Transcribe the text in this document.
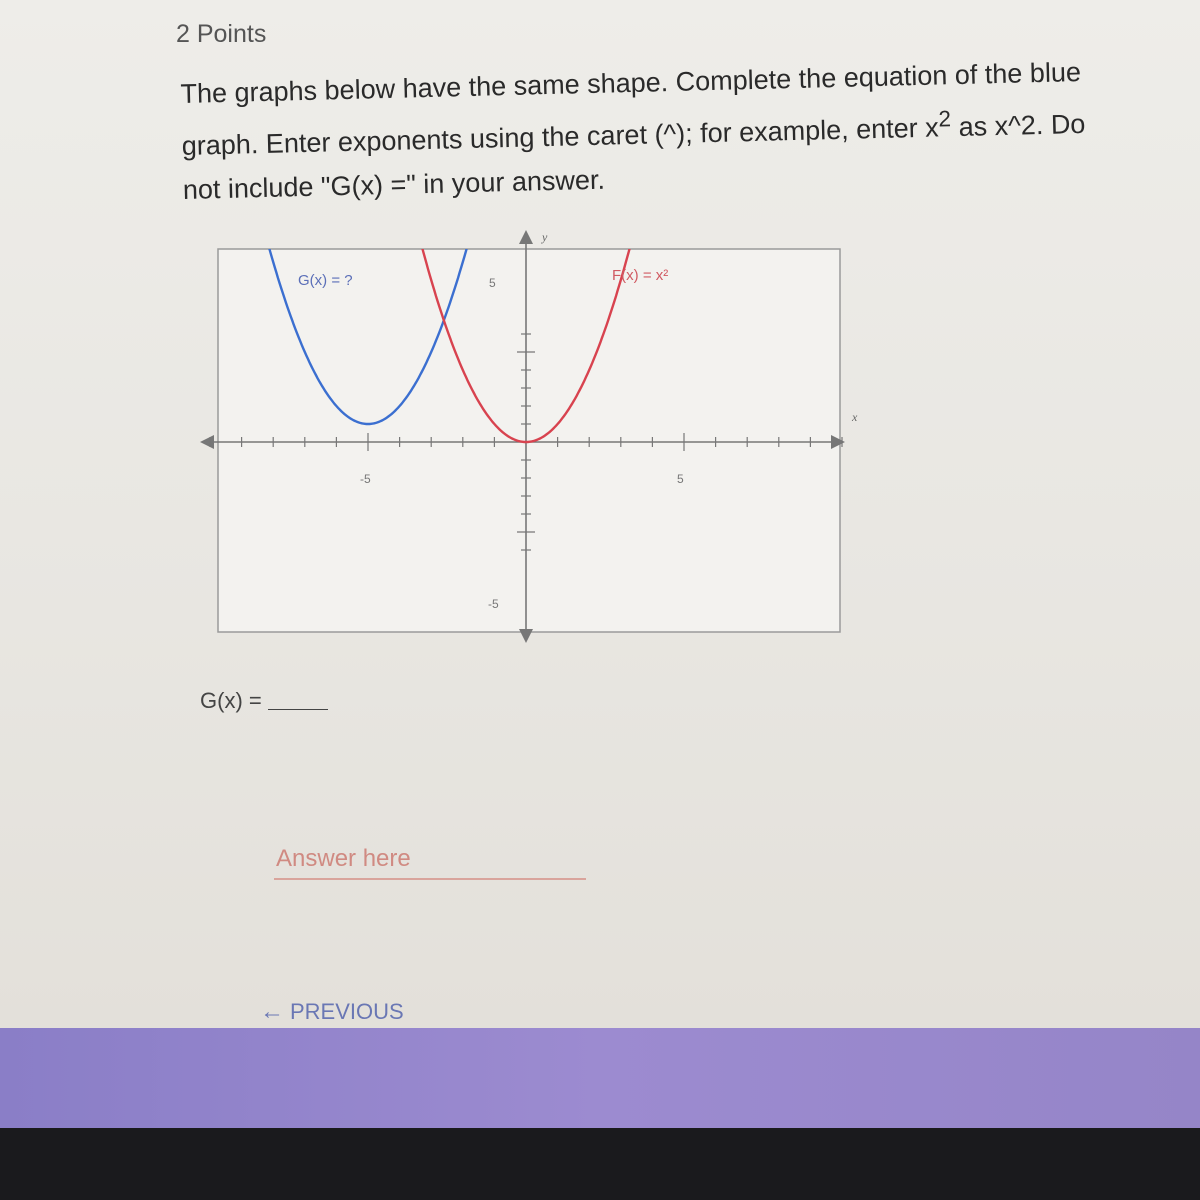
2 Points
The graphs below have the same shape. Complete the equation of the blue
graph. Enter exponents using the caret (^); for example, enter $x^2$ as x^2. Do
not include "G(x) =" in your answer.
G(x) = ?	F(x) = x²
y
x
-5	5
5
-5
G(x) =
Answer here
← PREVIOUS
